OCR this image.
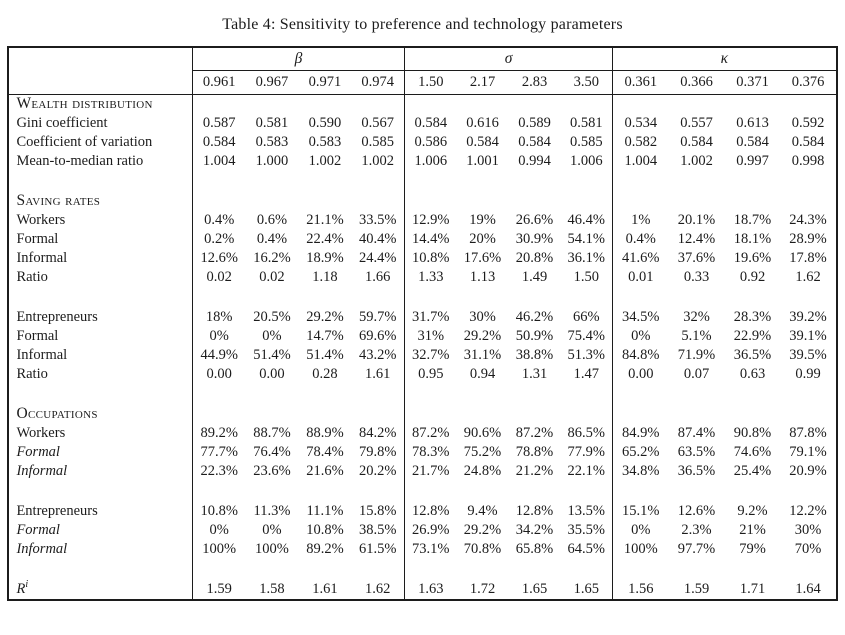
Table 4: Sensitivity to preference and technology parameters
	β				σ				κ			
	0.961	0.967	0.971	0.974	1.50	2.17	2.83	3.50	0.361	0.366	0.371	0.376
Wealth distribution												
Gini coefficient	0.587	0.581	0.590	0.567	0.584	0.616	0.589	0.581	0.534	0.557	0.613	0.592
Coefficient of variation	0.584	0.583	0.583	0.585	0.586	0.584	0.584	0.585	0.582	0.584	0.584	0.584
Mean-to-median ratio	1.004	1.000	1.002	1.002	1.006	1.001	0.994	1.006	1.004	1.002	0.997	0.998

Saving rates												
Workers	0.4%	0.6%	21.1%	33.5%	12.9%	19%	26.6%	46.4%	1%	20.1%	18.7%	24.3%
Formal	0.2%	0.4%	22.4%	40.4%	14.4%	20%	30.9%	54.1%	0.4%	12.4%	18.1%	28.9%
Informal	12.6%	16.2%	18.9%	24.4%	10.8%	17.6%	20.8%	36.1%	41.6%	37.6%	19.6%	17.8%
Ratio	0.02	0.02	1.18	1.66	1.33	1.13	1.49	1.50	0.01	0.33	0.92	1.62

Entrepreneurs	18%	20.5%	29.2%	59.7%	31.7%	30%	46.2%	66%	34.5%	32%	28.3%	39.2%
Formal	0%	0%	14.7%	69.6%	31%	29.2%	50.9%	75.4%	0%	5.1%	22.9%	39.1%
Informal	44.9%	51.4%	51.4%	43.2%	32.7%	31.1%	38.8%	51.3%	84.8%	71.9%	36.5%	39.5%
Ratio	0.00	0.00	0.28	1.61	0.95	0.94	1.31	1.47	0.00	0.07	0.63	0.99

Occupations												
Workers	89.2%	88.7%	88.9%	84.2%	87.2%	90.6%	87.2%	86.5%	84.9%	87.4%	90.8%	87.8%
Formal	77.7%	76.4%	78.4%	79.8%	78.3%	75.2%	78.8%	77.9%	65.2%	63.5%	74.6%	79.1%
Informal	22.3%	23.6%	21.6%	20.2%	21.7%	24.8%	21.2%	22.1%	34.8%	36.5%	25.4%	20.9%

Entrepreneurs	10.8%	11.3%	11.1%	15.8%	12.8%	9.4%	12.8%	13.5%	15.1%	12.6%	9.2%	12.2%
Formal	0%	0%	10.8%	38.5%	26.9%	29.2%	34.2%	35.5%	0%	2.3%	21%	30%
Informal	100%	100%	89.2%	61.5%	73.1%	70.8%	65.8%	64.5%	100%	97.7%	79%	70%

$R^i$	1.59	1.58	1.61	1.62	1.63	1.72	1.65	1.65	1.56	1.59	1.71	1.64
